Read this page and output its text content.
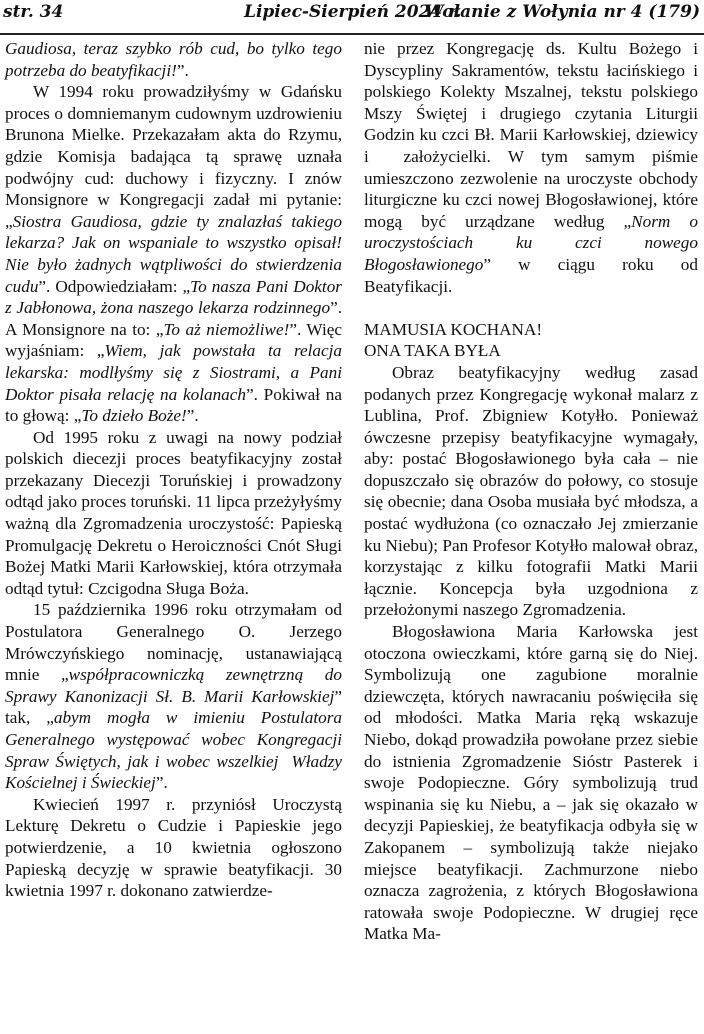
str. 34	Lipiec-Sierpień 2024 r.
Wołanie z Wołynia nr 4 (179)

Gaudiosa, teraz szybko rób cud, bo tylko tego potrzeba do beatyfikacji!”.

W 1994 roku prowadziłyśmy w Gdańsku proces o domniemanym cudownym uzdrowieniu Brunona Mielke. Przekazałam akta do Rzymu, gdzie Komisja badająca tą sprawę uznała podwójny cud: duchowy i fizyczny. I znów Monsignore w Kongregacji zadał mi pytanie: „Siostra Gaudiosa, gdzie ty znalazłaś takiego lekarza? Jak on wspaniale to wszystko opisał! Nie było żadnych wątpliwości do stwierdzenia cudu”. Odpowiedziałam: „To nasza Pani Doktor z Jabłonowa, żona naszego lekarza rodzinnego”. A Monsignore na to: „To aż niemożliwe!”. Więc wyjaśniam: „Wiem, jak powstała ta relacja lekarska: modlłyśmy się z Siostrami, a Pani Doktor pisała relację na kolanach”. Pokiwał na to głową: „To dzieło Boże!”.

Od 1995 roku z uwagi na nowy podział polskich diecezji proces beatyfikacyjny został przekazany Diecezji Toruńskiej i prowadzony odtąd jako proces toruński. 11 lipca przeżyłyśmy ważną dla Zgromadzenia uroczystość: Papieską Promulgację Dekretu o Heroiczności Cnót Sługi Bożej Matki Marii Karłowskiej, która otrzymała odtąd tytuł: Czcigodna Sługa Boża.

15 października 1996 roku otrzymałam od Postulatora Generalnego O. Jerzego Mrówczyńskiego nominację, ustanawiającą mnie „współpracowniczką zewnętrzną do Sprawy Kanonizacji Sł. B. Marii Karłowskiej” tak, „abym mogła w imieniu Postulatora Generalnego występować wobec Kongregacji Spraw Świętych, jak i wobec wszelkiej  Władzy Kościelnej i Świeckiej”.

Kwiecień 1997 r. przyniósł Uroczystą Lekturę Dekretu o Cudzie i Papieskie jego potwierdzenie, a 10 kwietnia ogłoszono Papieską decyzję w sprawie beatyfikacji. 30 kwietnia 1997 r. dokonano zatwierdze-

nie przez Kongregację ds. Kultu Bożego i Dyscypliny Sakramentów, tekstu łacińskiego i polskiego Kolekty Mszalnej, tekstu polskiego Mszy Świętej i drugiego czytania Liturgii Godzin ku czci Bł. Marii Karłowskiej, dziewicy i  założycielki. W tym samym piśmie umieszczono zezwolenie na uroczyste obchody liturgiczne ku czci nowej Błogosławionej, które mogą być urządzane według „Norm o uroczystościach ku czci nowego Błogosławionego” w ciągu roku od Beatyfikacji.

MAMUSIA KOCHANA!
ONA TAKA BYŁA

Obraz beatyfikacyjny według zasad podanych przez Kongregację wykonał malarz z Lublina, Prof. Zbigniew Kotyłło. Ponieważ ówczesne przepisy beatyfikacyjne wymagały, aby: postać Błogosławionego była cała – nie dopuszczało się obrazów do połowy, co stosuje się obecnie; dana Osoba musiała być młodsza, a postać wydłużona (co oznaczało Jej zmierzanie ku Niebu); Pan Profesor Kotyłło malował obraz, korzystając z kilku fotografii Matki Marii łącznie. Koncepcja była uzgodniona z przełożonymi naszego Zgromadzenia.

Błogosławiona Maria Karłowska jest otoczona owieczkami, które garną się do Niej. Symbolizują one zagubione moralnie dziewczęta, których nawracaniu poświęciła się od młodości. Matka Maria ręką wskazuje Niebo, dokąd prowadziła powołane przez siebie do istnienia Zgromadzenie Sióstr Pasterek i swoje Podopieczne. Góry symbolizują trud wspinania się ku Niebu, a – jak się okazało w decyzji Papieskiej, że beatyfikacja odbyła się w Zakopanem – symbolizują także niejako miejsce beatyfikacji. Zachmurzone niebo oznacza zagrożenia, z których Błogosławiona ratowała swoje Podopieczne. W drugiej ręce Matka Ma-
